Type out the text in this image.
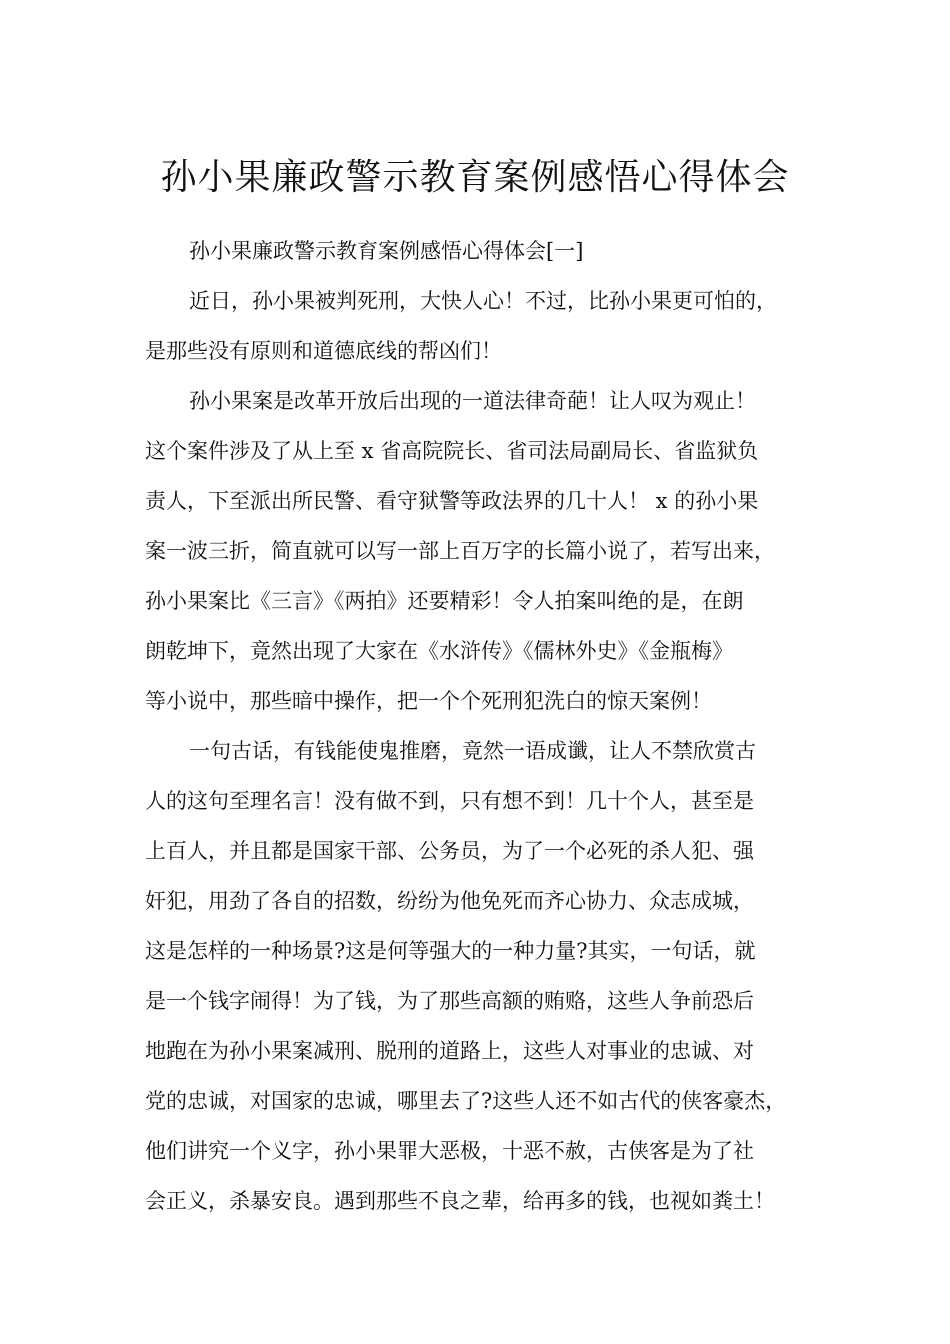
孙小果廉政警示教育案例感悟心得体会
孙小果廉政警示教育案例感悟心得体会[一]
近日，孙小果被判死刑，大快人心！不过，比孙小果更可怕的，
是那些没有原则和道德底线的帮凶们！
孙小果案是改革开放后出现的一道法律奇葩！让人叹为观止！
这个案件涉及了从上至 x 省高院院长、省司法局副局长、省监狱负
责人，下至派出所民警、看守狱警等政法界的几十人！ x 的孙小果
案一波三折，简直就可以写一部上百万字的长篇小说了，若写出来，
孙小果案比《三言》《两拍》还要精彩！令人拍案叫绝的是，在朗
朗乾坤下，竟然出现了大家在《水浒传》《儒林外史》《金瓶梅》
等小说中，那些暗中操作，把一个个死刑犯洗白的惊天案例！
一句古话，有钱能使鬼推磨，竟然一语成谶，让人不禁欣赏古
人的这句至理名言！没有做不到，只有想不到！几十个人，甚至是
上百人，并且都是国家干部、公务员，为了一个必死的杀人犯、强
奸犯，用劲了各自的招数，纷纷为他免死而齐心协力、众志成城，
这是怎样的一种场景?这是何等强大的一种力量?其实，一句话，就
是一个钱字闹得！为了钱，为了那些高额的贿赂，这些人争前恐后
地跑在为孙小果案减刑、脱刑的道路上，这些人对事业的忠诚、对
党的忠诚，对国家的忠诚，哪里去了?这些人还不如古代的侠客豪杰，
他们讲究一个义字，孙小果罪大恶极，十恶不赦，古侠客是为了社
会正义，杀暴安良。遇到那些不良之辈，给再多的钱，也视如粪土！
